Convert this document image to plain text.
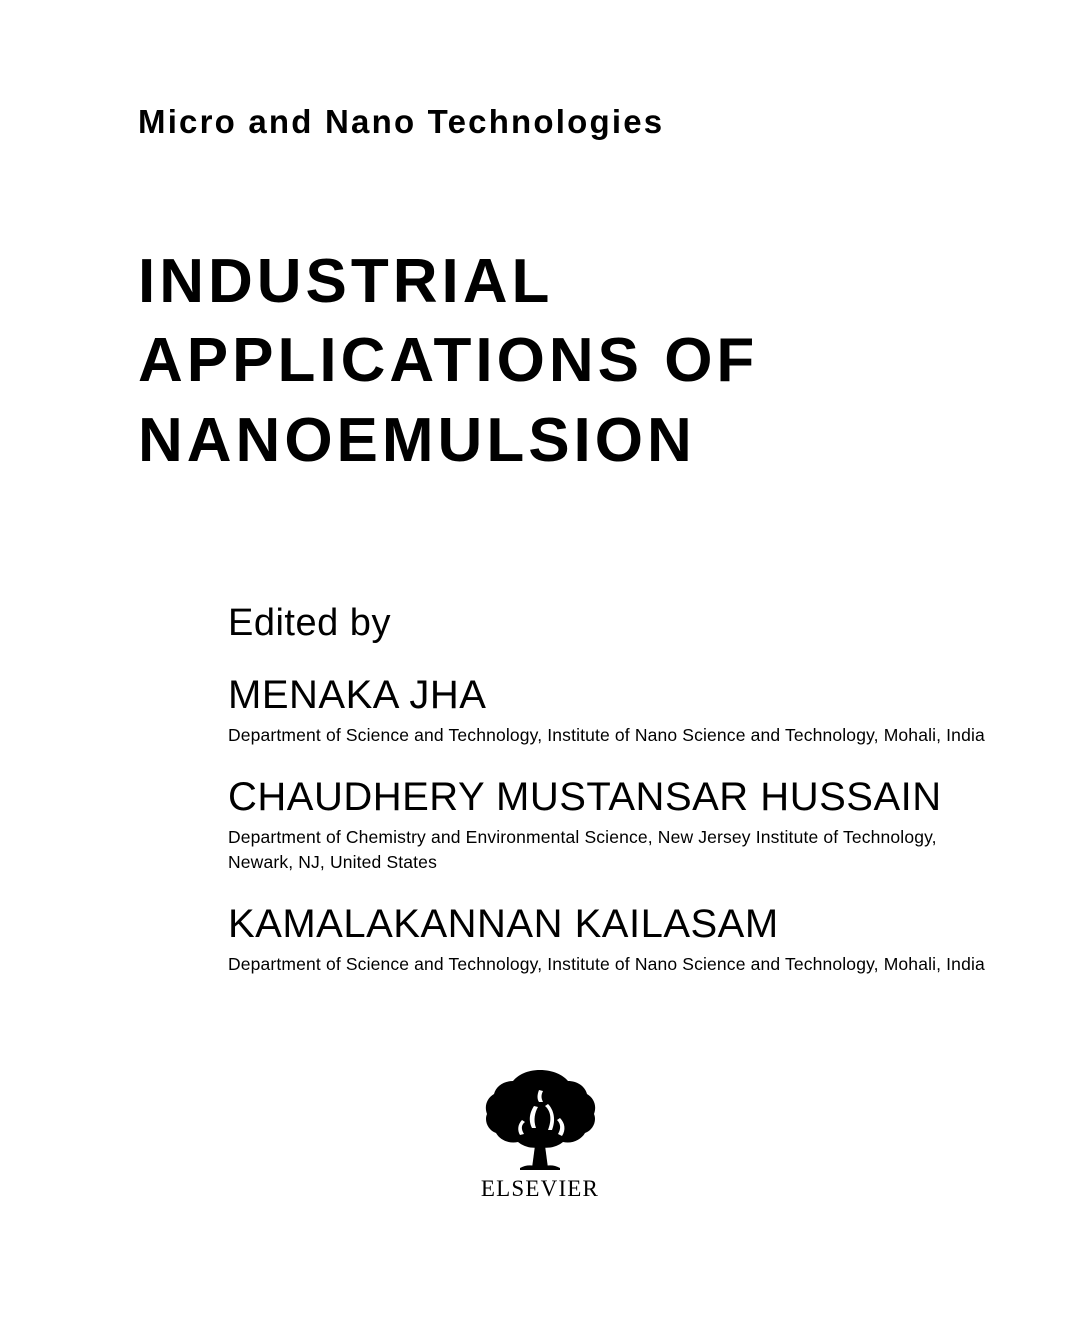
Micro and Nano Technologies
INDUSTRIAL
APPLICATIONS OF
NANOEMULSION
Edited by

MENAKA JHA

Department of Science and Technology, Institute of Nano Science and Technology, Mohali, India

CHAUDHERY MUSTANSAR HUSSAIN

Department of Chemistry and Environmental Science, New Jersey Institute of Technology, Newark, NJ, United States

KAMALAKANNAN KAILASAM

Department of Science and Technology, Institute of Nano Science and Technology, Mohali, India

ELSEVIER
